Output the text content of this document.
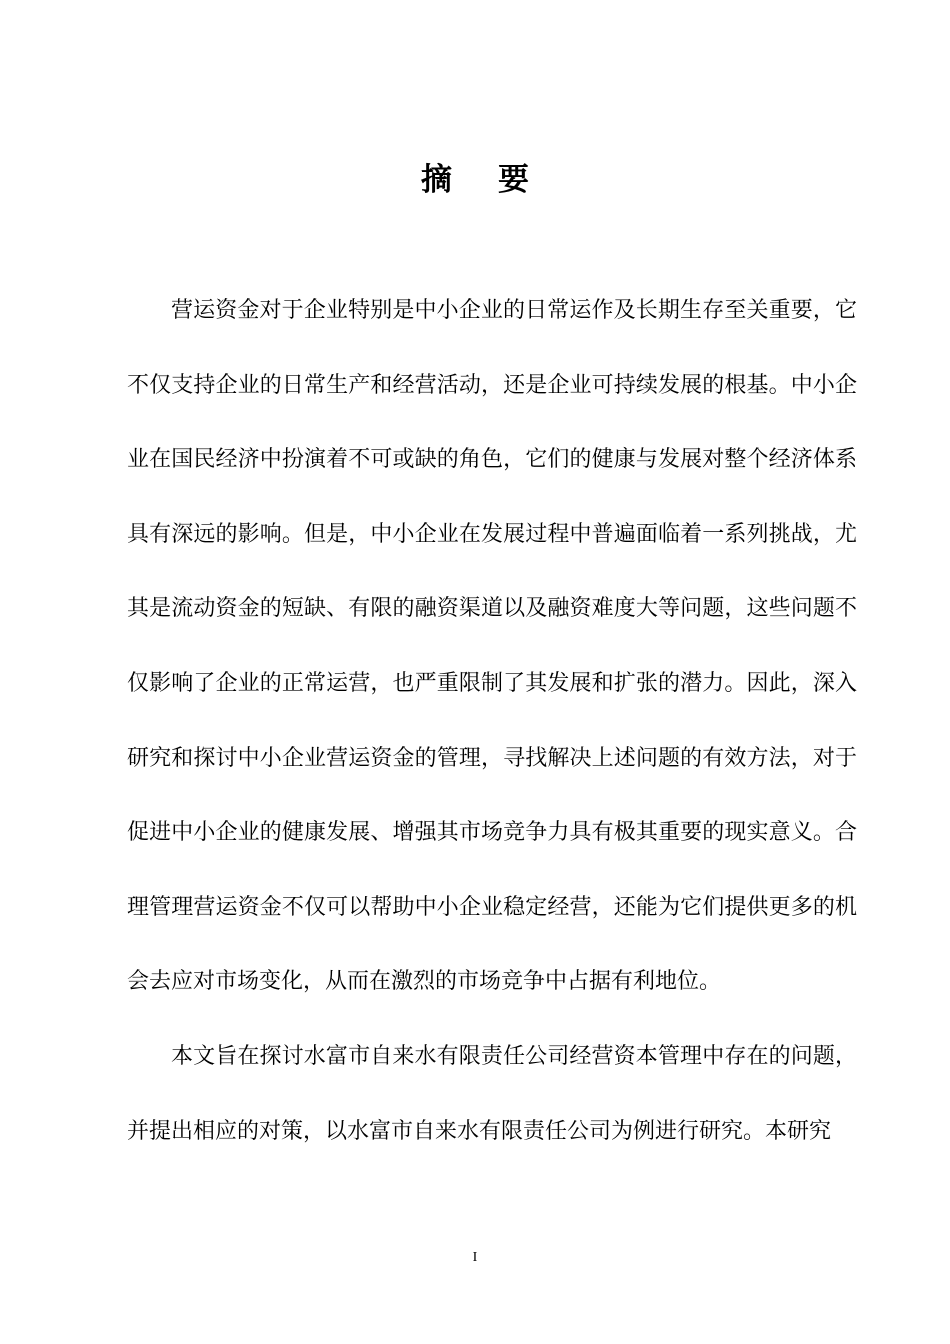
摘 要

营运资金对于企业特别是中小企业的日常运作及长期生存至关重要，它不仅支持企业的日常生产和经营活动，还是企业可持续发展的根基。中小企业在国民经济中扮演着不可或缺的角色，它们的健康与发展对整个经济体系具有深远的影响。但是，中小企业在发展过程中普遍面临着一系列挑战，尤其是流动资金的短缺、有限的融资渠道以及融资难度大等问题，这些问题不仅影响了企业的正常运营，也严重限制了其发展和扩张的潜力。因此，深入研究和探讨中小企业营运资金的管理，寻找解决上述问题的有效方法，对于促进中小企业的健康发展、增强其市场竞争力具有极其重要的现实意义。合理管理营运资金不仅可以帮助中小企业稳定经营，还能为它们提供更多的机会去应对市场变化，从而在激烈的市场竞争中占据有利地位。

本文旨在探讨水富市自来水有限责任公司经营资本管理中存在的问题，并提出相应的对策，以水富市自来水有限责任公司为例进行研究。本研究

I
